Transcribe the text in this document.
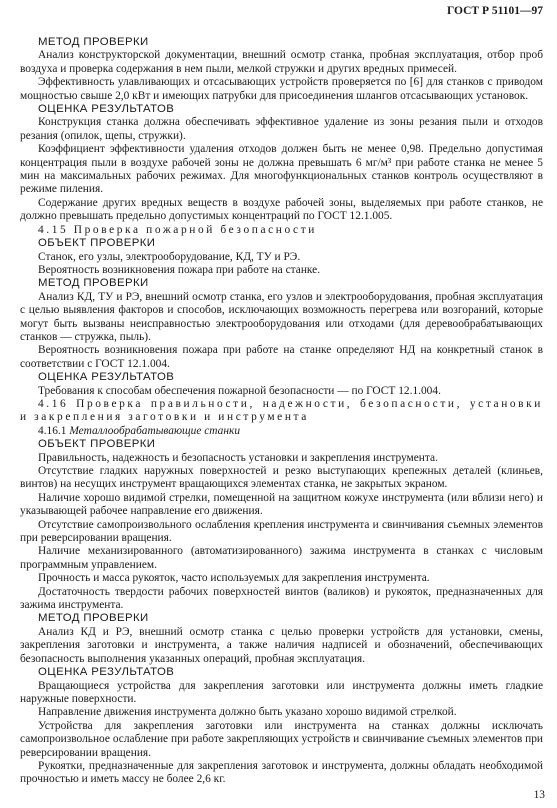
ГОСТ Р 51101—97
МЕТОД ПРОВЕРКИ
Анализ конструкторской документации, внешний осмотр станка, пробная эксплуатация, отбор проб воздуха и проверка содержания в нем пыли, мелкой стружки и других вредных примесей.
Эффективность улавливающих и отсасывающих устройств проверяется по [6] для станков с приводом мощностью свыше 2,0 кВт и имеющих патрубки для присоединения шлангов отсасывающих установок.
ОЦЕНКА РЕЗУЛЬТАТОВ
Конструкция станка должна обеспечивать эффективное удаление из зоны резания пыли и отходов резания (опилок, щепы, стружки).
Коэффициент эффективности удаления отходов должен быть не менее 0,98. Предельно допустимая концентрация пыли в воздухе рабочей зоны не должна превышать 6 мг/м³ при работе станка не менее 5 мин на максимальных рабочих режимах. Для многофункциональных станков контроль осуществляют в режиме пиления.
Содержание других вредных веществ в воздухе рабочей зоны, выделяемых при работе станков, не должно превышать предельно допустимых концентраций по ГОСТ 12.1.005.
4.15 Проверка пожарной безопасности
ОБЪЕКТ ПРОВЕРКИ
Станок, его узлы, электрооборудование, КД, ТУ и РЭ.
Вероятность возникновения пожара при работе на станке.
МЕТОД ПРОВЕРКИ
Анализ КД, ТУ и РЭ, внешний осмотр станка, его узлов и электрооборудования, пробная эксплуатация с целью выявления факторов и способов, исключающих возможность перегрева или возгораний, которые могут быть вызваны неисправностью электрооборудования или отходами (для деревообрабатывающих станков — стружка, пыль).
Вероятность возникновения пожара при работе на станке определяют НД на конкретный станок в соответствии с ГОСТ 12.1.004.
ОЦЕНКА РЕЗУЛЬТАТОВ
Требования к способам обеспечения пожарной безопасности — по ГОСТ 12.1.004.
4.16 Проверка правильности, надежности, безопасности, установки и закрепления заготовки и инструмента
4.16.1 Металлообрабатывающие станки
ОБЪЕКТ ПРОВЕРКИ
Правильность, надежность и безопасность установки и закрепления инструмента.
Отсутствие гладких наружных поверхностей и резко выступающих крепежных деталей (клиньев, винтов) на несущих инструмент вращающихся элементах станка, не закрытых экраном.
Наличие хорошо видимой стрелки, помещенной на защитном кожухе инструмента (или вблизи него) и указывающей рабочее направление его движения.
Отсутствие самопроизвольного ослабления крепления инструмента и свинчивания съемных элементов при реверсировании вращения.
Наличие механизированного (автоматизированного) зажима инструмента в станках с числовым программным управлением.
Прочность и масса рукояток, часто используемых для закрепления инструмента.
Достаточность твердости рабочих поверхностей винтов (валиков) и рукояток, предназначенных для зажима инструмента.
МЕТОД ПРОВЕРКИ
Анализ КД и РЭ, внешний осмотр станка с целью проверки устройств для установки, смены, закрепления заготовки и инструмента, а также наличия надписей и обозначений, обеспечивающих безопасность выполнения указанных операций, пробная эксплуатация.
ОЦЕНКА РЕЗУЛЬТАТОВ
Вращающиеся устройства для закрепления заготовки или инструмента должны иметь гладкие наружные поверхности.
Направление движения инструмента должно быть указано хорошо видимой стрелкой.
Устройства для закрепления заготовки или инструмента на станках должны исключать самопроизвольное ослабление при работе закрепляющих устройств и свинчивание съемных элементов при реверсировании вращения.
Рукоятки, предназначенные для закрепления заготовок и инструмента, должны обладать необходимой прочностью и иметь массу не более 2,6 кг.
13
